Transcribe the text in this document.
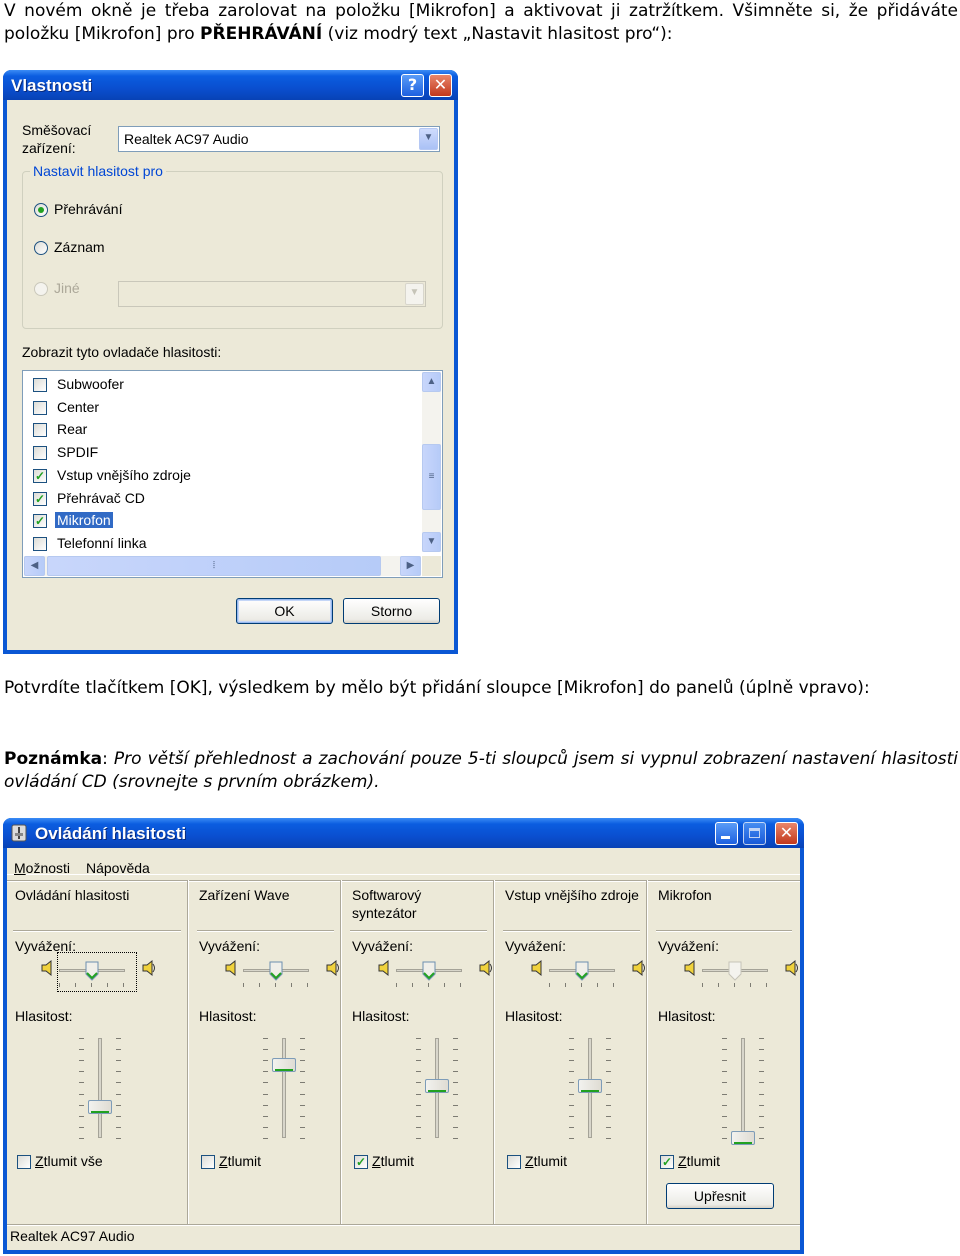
V novém okně je třeba zarolovat na položku [Mikrofon] a aktivovat ji zatržítkem. Všimněte si, že přidáváte položku [Mikrofon] pro PŘEHRÁVÁNÍ (viz modrý text „Nastavit hlasitost pro“):

Vlastnosti	?	✕
Směšovací
zařízení:
Realtek AC97 Audio	▼
Nastavit hlasitost pro
Přehrávání
Záznam
Jiné	▼
Zobrazit tyto ovladače hlasitosti:
Subwoofer
Center
Rear
SPDIF
✓ Vstup vnějšího zdroje
✓ Přehrávač CD
✓ Mikrofon
Telefonní linka
▲
≡
▼
◀	⦙	▶
OK	Storno

Potvrdíte tlačítkem [OK], výsledkem by mělo být přidání sloupce [Mikrofon] do panelů (úplně vpravo):

Poznámka: Pro větší přehlednost a zachování pouze 5-ti sloupců jsem si vypnul zobrazení nastavení hlasitosti ovládání CD (srovnejte s prvním obrázkem).

Ovládání hlasitosti	✕
Možnosti Nápověda
Ovládání hlasitosti
Vyvážení:
Hlasitost:
Ztlumit vše
Zařízení Wave
Vyvážení:
Hlasitost:
Ztlumit
Softwarový
syntezátor
Vyvážení:
Hlasitost:
✓ Ztlumit
Vstup vnějšího zdroje
Vyvážení:
Hlasitost:
Ztlumit
Mikrofon
Vyvážení:
Hlasitost:
✓ Ztlumit
Upřesnit
Realtek AC97 Audio
